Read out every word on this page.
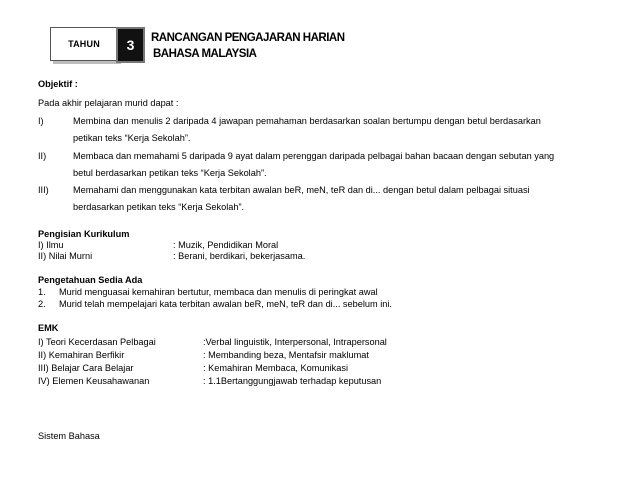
TAHUN	3	RANCANGAN PENGAJARAN HARIAN
BAHASA MALAYSIA
Objektif :
Pada akhir pelajaran murid dapat :
I)	Membina dan menulis 2 daripada 4 jawapan pemahaman berdasarkan soalan bertumpu dengan betul berdasarkan
petikan teks “Kerja Sekolah”.
II)	Membaca dan memahami 5 daripada 9 ayat dalam perenggan daripada pelbagai bahan bacaan dengan sebutan yang
betul berdasarkan petikan teks “Kerja Sekolah”.
III)	Memahami dan menggunakan kata terbitan awalan beR, meN, teR dan di... dengan betul dalam pelbagai situasi
berdasarkan petikan teks “Kerja Sekolah”.
Pengisian Kurikulum
I) Ilmu	: Muzik, Pendidikan Moral
II) Nilai Murni	: Berani, berdikari, bekerjasama.
Pengetahuan Sedia Ada
1. Murid menguasai kemahiran bertutur, membaca dan menulis di peringkat awal
2. Murid telah mempelajari kata terbitan awalan beR, meN, teR dan di... sebelum ini.
EMK
I) Teori Kecerdasan Pelbagai	:Verbal linguistik, Interpersonal, Intrapersonal
II) Kemahiran Berfikir	: Membanding beza, Mentafsir maklumat
III) Belajar Cara Belajar	: Kemahiran Membaca, Komunikasi
IV) Elemen Keusahawanan	: 1.1Bertanggungjawab terhadap keputusan
Sistem Bahasa
